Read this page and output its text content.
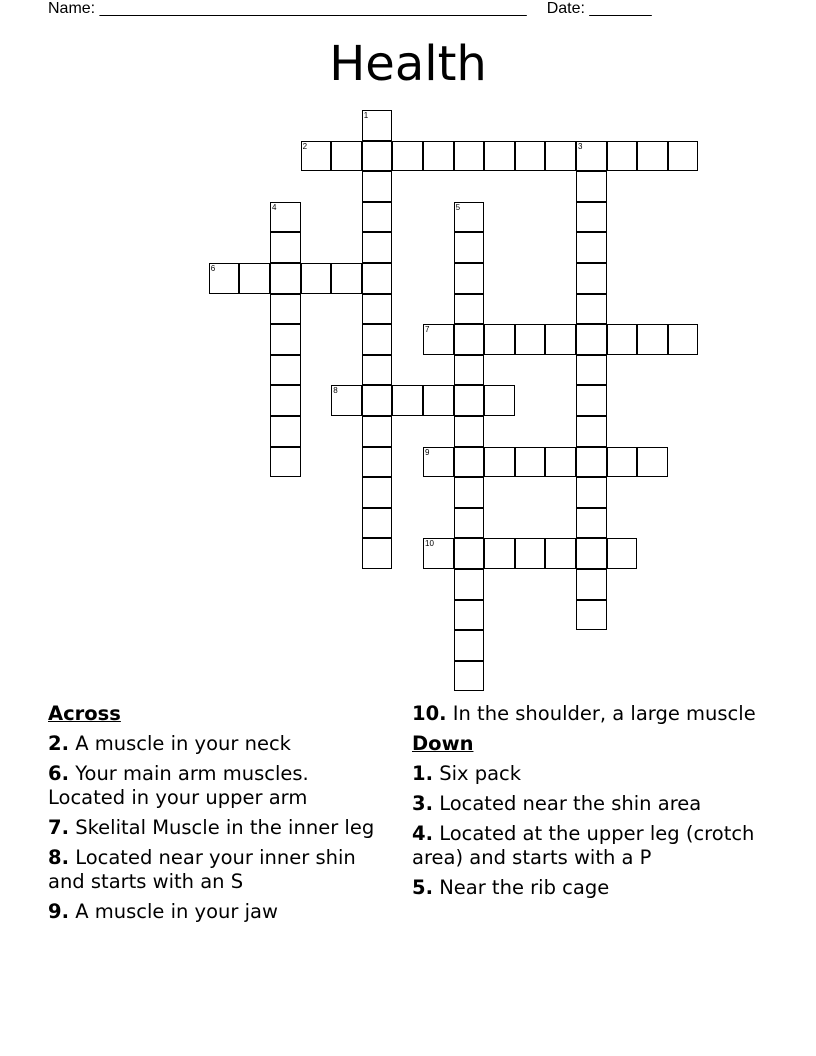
Name: ________________________________________________ Date: _______
Health
1
2	3
4	5
6
7
8
9
10
Across
2. A muscle in your neck
6. Your main arm muscles. Located in your upper arm
7. Skelital Muscle in the inner leg
8. Located near your inner shin and starts with an S
9. A muscle in your jaw
10. In the shoulder, a large muscle
Down
1. Six pack
3. Located near the shin area
4. Located at the upper leg (crotch area) and starts with a P
5. Near the rib cage
